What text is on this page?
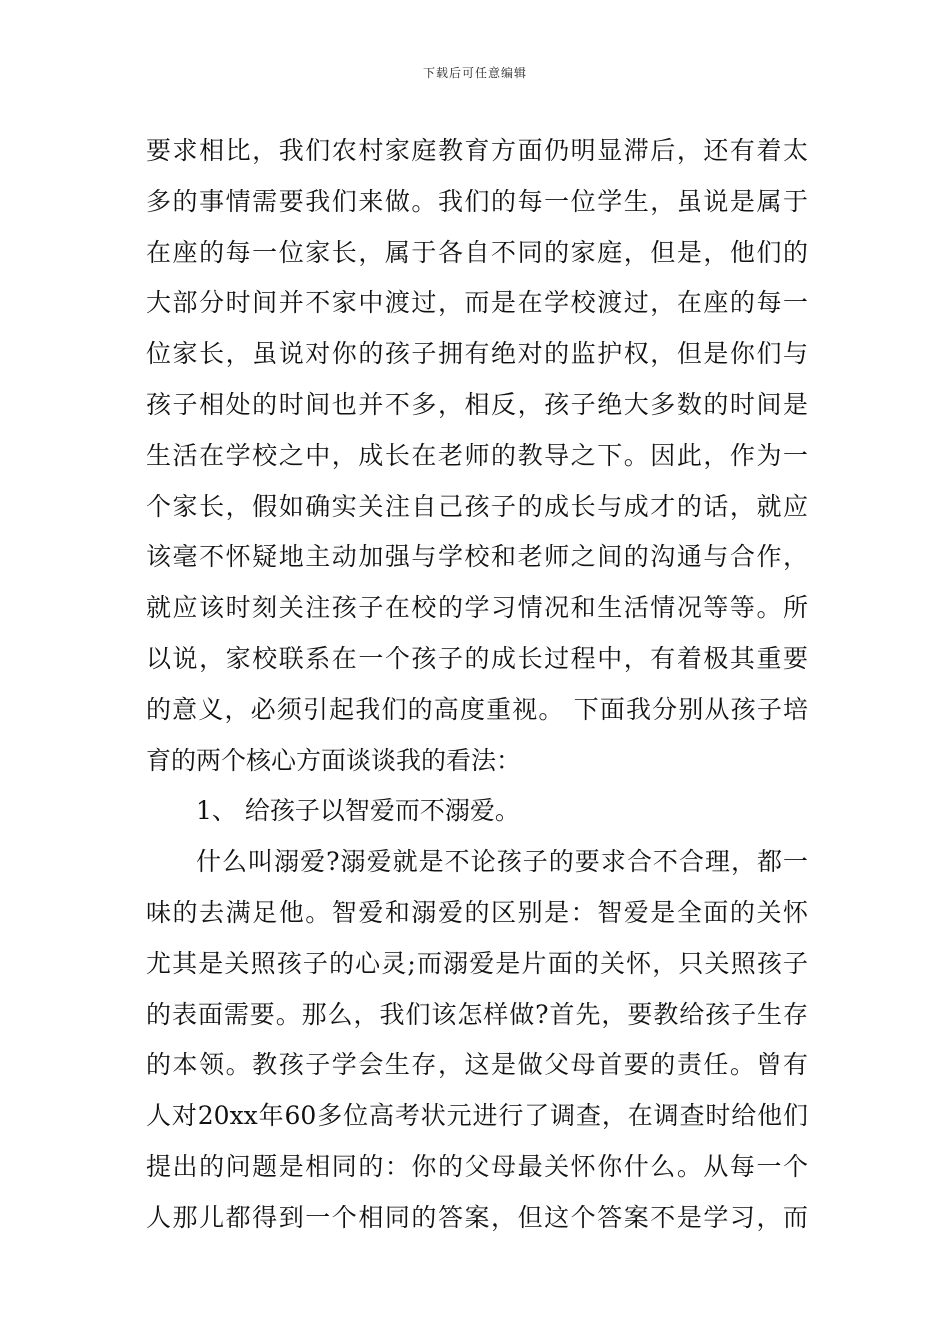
下载后可任意编辑
要求相比，我们农村家庭教育方面仍明显滞后，还有着太
多的事情需要我们来做。我们的每一位学生，虽说是属于
在座的每一位家长，属于各自不同的家庭，但是，他们的
大部分时间并不家中渡过，而是在学校渡过，在座的每一
位家长，虽说对你的孩子拥有绝对的监护权，但是你们与
孩子相处的时间也并不多，相反，孩子绝大多数的时间是
生活在学校之中，成长在老师的教导之下。因此，作为一
个家长，假如确实关注自己孩子的成长与成才的话，就应
该毫不怀疑地主动加强与学校和老师之间的沟通与合作，
就应该时刻关注孩子在校的学习情况和生活情况等等。所
以说，家校联系在一个孩子的成长过程中，有着极其重要
的意义，必须引起我们的高度重视。 下面我分别从孩子培
育的两个核心方面谈谈我的看法：
1、 给孩子以智爱而不溺爱。
什么叫溺爱?溺爱就是不论孩子的要求合不合理，都一
味的去满足他。智爱和溺爱的区别是：智爱是全面的关怀
尤其是关照孩子的心灵;而溺爱是片面的关怀，只关照孩子
的表面需要。那么，我们该怎样做?首先，要教给孩子生存
的本领。教孩子学会生存，这是做父母首要的责任。曾有
人对20xx年60多位高考状元进行了调查，在调查时给他们
提出的问题是相同的：你的父母最关怀你什么。从每一个
人那儿都得到一个相同的答案，但这个答案不是学习，而
